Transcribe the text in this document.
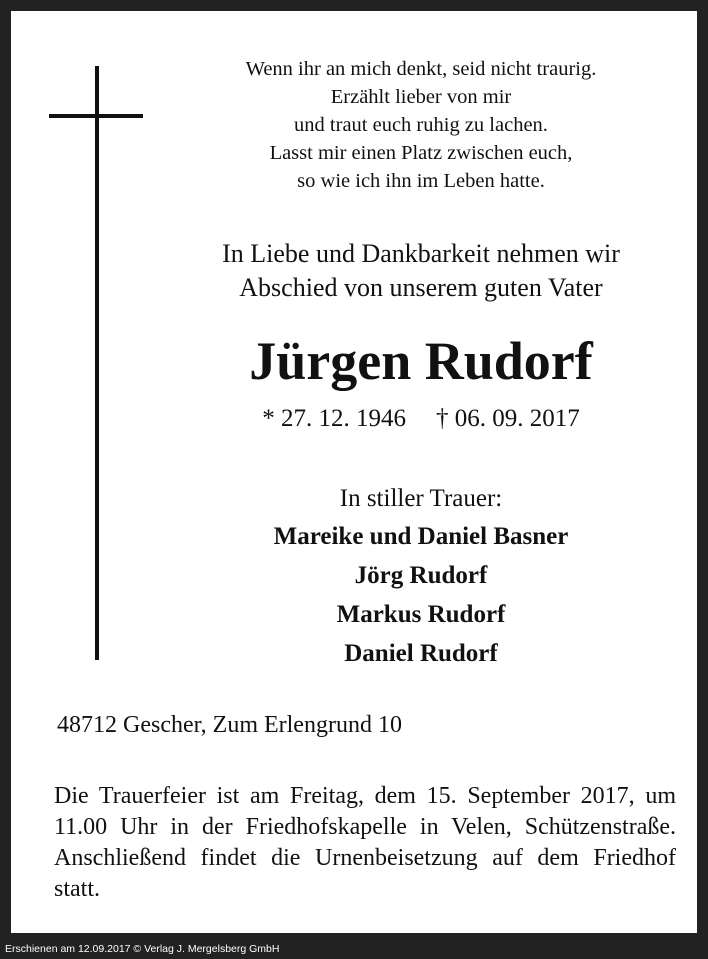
Wenn ihr an mich denkt, seid nicht traurig.
Erzählt lieber von mir
und traut euch ruhig zu lachen.
Lasst mir einen Platz zwischen euch,
so wie ich ihn im Leben hatte.
In Liebe und Dankbarkeit nehmen wir
Abschied von unserem guten Vater
Jürgen Rudorf
* 27. 12. 1946 † 06. 09. 2017
In stiller Trauer:
Mareike und Daniel Basner
Jörg Rudorf
Markus Rudorf
Daniel Rudorf
48712 Gescher, Zum Erlengrund 10
Die Trauerfeier ist am Freitag, dem 15. September 2017, um 11.00 Uhr in der Friedhofskapelle in Velen, Schützenstraße. Anschließend findet die Urnenbeisetzung auf dem Friedhof statt.
Erschienen am 12.09.2017 © Verlag J. Mergelsberg GmbH
